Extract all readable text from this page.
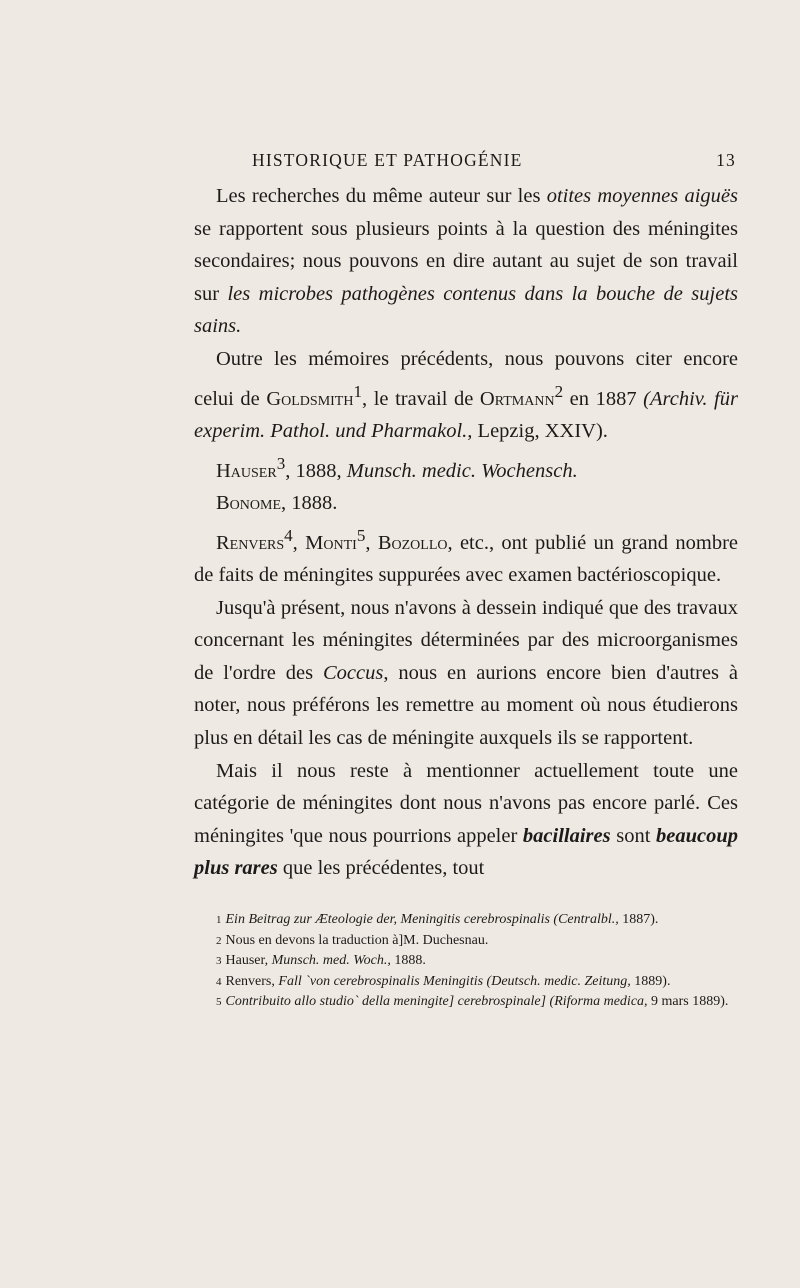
HISTORIQUE ET PATHOGÉNIE	13

Les recherches du même auteur sur les otites moyennes aiguës se rapportent sous plusieurs points à la question des méningites secondaires; nous pouvons en dire autant au sujet de son travail sur les microbes pathogènes contenus dans la bouche de sujets sains.

Outre les mémoires précédents, nous pouvons citer encore celui de Goldsmith$^1$, le travail de Ortmann$^2$ en 1887 (Archiv. für experim. Pathol. und Pharmakol., Lepzig, XXIV).

Hauser$^3$, 1888, Munsch. medic. Wochensch.

Bonome, 1888.

Renvers$^4$, Monti$^5$, Bozollo, etc., ont publié un grand nombre de faits de méningites suppurées avec examen bactérioscopique.

Jusqu'à présent, nous n'avons à dessein indiqué que des travaux concernant les méningites déterminées par des microorganismes de l'ordre des Coccus, nous en aurions encore bien d'autres à noter, nous préférons les remettre au moment où nous étudierons plus en détail les cas de méningite auxquels ils se rapportent.

Mais il nous reste à mentionner actuellement toute une catégorie de méningites dont nous n'avons pas encore parlé. Ces méningites 'que nous pourrions appeler bacillaires sont beaucoup plus rares que les précédentes, tout

1 Ein Beitrag zur Æteologie der, Meningitis cerebrospinalis (Centralbl., 1887).

2 Nous en devons la traduction à]M. Duchesnau.

3 Hauser, Munsch. med. Woch., 1888.

4 Renvers, Fall `von cerebrospinalis Meningitis (Deutsch. medic. Zeitung, 1889).

5 Contribuito allo studio` della meningite] cerebrospinale] (Riforma medica, 9 mars 1889).
